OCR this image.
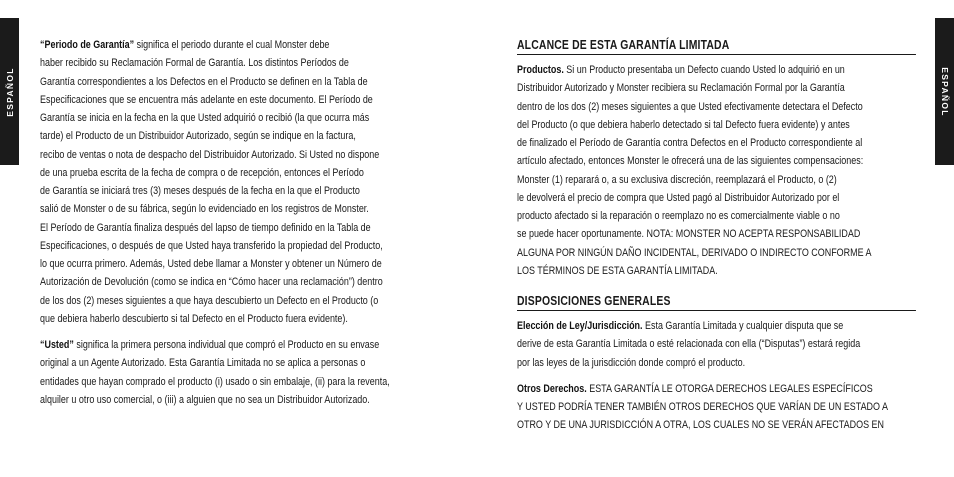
ESPAÑOL	ESPAÑOL

“Periodo de Garantía” significa el periodo durante el cual Monster debe
haber recibido su Reclamación Formal de Garantía. Los distintos Períodos de
Garantía correspondientes a los Defectos en el Producto se definen en la Tabla de
Especificaciones que se encuentra más adelante en este documento. El Período de
Garantía se inicia en la fecha en la que Usted adquirió o recibió (la que ocurra más
tarde) el Producto de un Distribuidor Autorizado, según se indique en la factura,
recibo de ventas o nota de despacho del Distribuidor Autorizado. Si Usted no dispone
de una prueba escrita de la fecha de compra o de recepción, entonces el Período
de Garantía se iniciará tres (3) meses después de la fecha en la que el Producto
salió de Monster o de su fábrica, según lo evidenciado en los registros de Monster.
El Período de Garantía finaliza después del lapso de tiempo definido en la Tabla de
Especificaciones, o después de que Usted haya transferido la propiedad del Producto,
lo que ocurra primero. Además, Usted debe llamar a Monster y obtener un Número de
Autorización de Devolución (como se indica en “Cómo hacer una reclamación”) dentro
de los dos (2) meses siguientes a que haya descubierto un Defecto en el Producto (o
que debiera haberlo descubierto si tal Defecto en el Producto fuera evidente).

“Usted” significa la primera persona individual que compró el Producto en su envase
original a un Agente Autorizado. Esta Garantía Limitada no se aplica a personas o
entidades que hayan comprado el producto (i) usado o sin embalaje, (ii) para la reventa,
alquiler u otro uso comercial, o (iii) a alguien que no sea un Distribuidor Autorizado.

ALCANCE DE ESTA GARANTÍA LIMITADA

Productos. Si un Producto presentaba un Defecto cuando Usted lo adquirió en un
Distribuidor Autorizado y Monster recibiera su Reclamación Formal por la Garantía
dentro de los dos (2) meses siguientes a que Usted efectivamente detectara el Defecto
del Producto (o que debiera haberlo detectado si tal Defecto fuera evidente) y antes
de finalizado el Período de Garantía contra Defectos en el Producto correspondiente al
artículo afectado, entonces Monster le ofrecerá una de las siguientes compensaciones:
Monster (1) reparará o, a su exclusiva discreción, reemplazará el Producto, o (2)
le devolverá el precio de compra que Usted pagó al Distribuidor Autorizado por el
producto afectado si la reparación o reemplazo no es comercialmente viable o no
se puede hacer oportunamente. NOTA: MONSTER NO ACEPTA RESPONSABILIDAD
ALGUNA POR NINGÚN DAÑO INCIDENTAL, DERIVADO O INDIRECTO CONFORME A
LOS TÉRMINOS DE ESTA GARANTÍA LIMITADA.

DISPOSICIONES GENERALES

Elección de Ley/Jurisdicción. Esta Garantía Limitada y cualquier disputa que se
derive de esta Garantía Limitada o esté relacionada con ella (“Disputas”) estará regida
por las leyes de la jurisdicción donde compró el producto.

Otros Derechos. ESTA GARANTÍA LE OTORGA DERECHOS LEGALES ESPECÍFICOS
Y USTED PODRÍA TENER TAMBIÉN OTROS DERECHOS QUE VARÍAN DE UN ESTADO A
OTRO Y DE UNA JURISDICCIÓN A OTRA, LOS CUALES NO SE VERÁN AFECTADOS EN
